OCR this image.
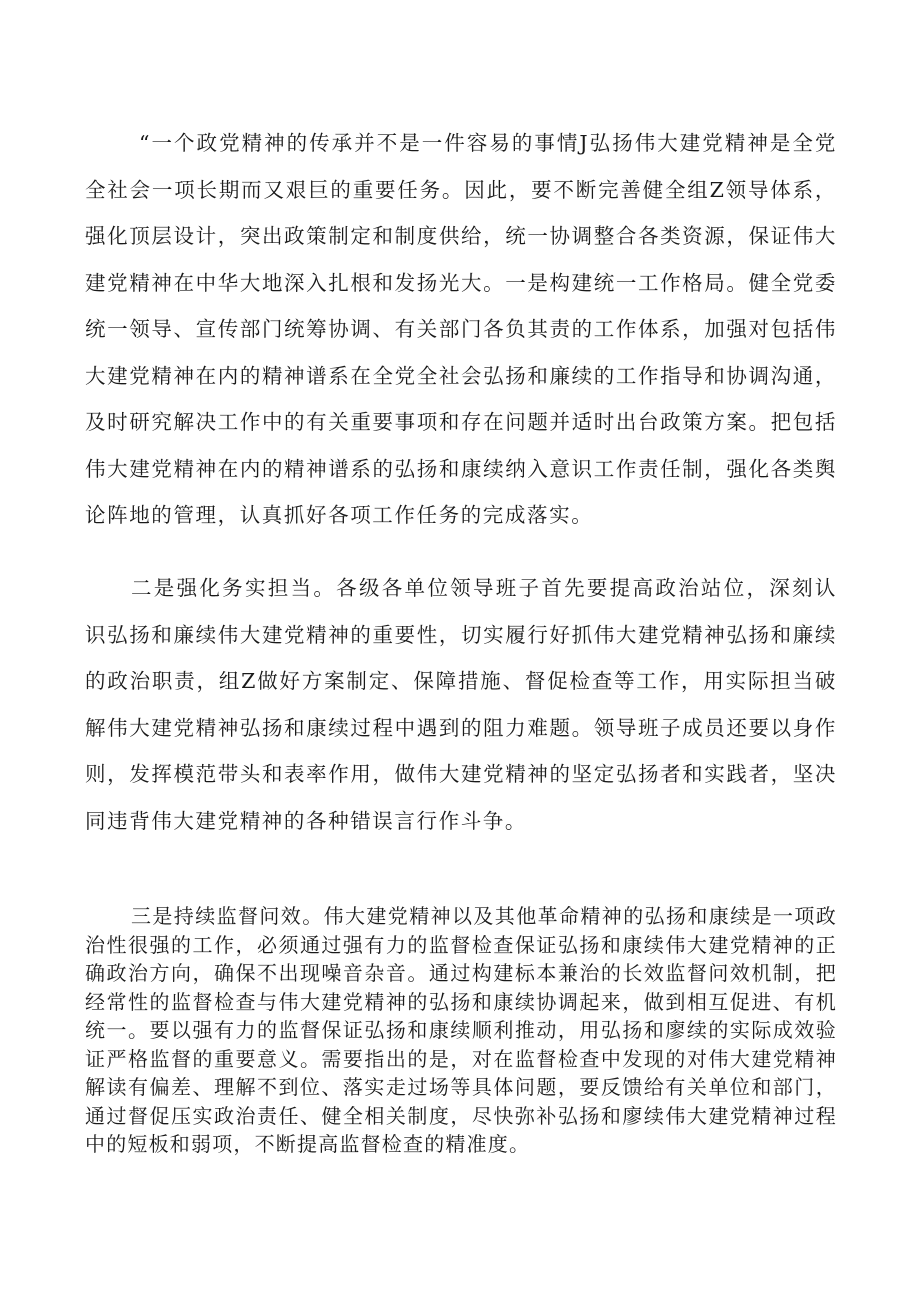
“一个政党精神的传承并不是一件容易的事情J弘扬伟大建党精神是全党全社会一项长期而又艰巨的重要任务。因此，要不断完善健全组Z领导体系，强化顶层设计，突出政策制定和制度供给，统一协调整合各类资源，保证伟大建党精神在中华大地深入扎根和发扬光大。一是构建统一工作格局。健全党委统一领导、宣传部门统筹协调、有关部门各负其责的工作体系，加强对包括伟大建党精神在内的精神谱系在全党全社会弘扬和廉续的工作指导和协调沟通，及时研究解决工作中的有关重要事项和存在问题并适时出台政策方案。把包括伟大建党精神在内的精神谱系的弘扬和康续纳入意识工作责任制，强化各类舆论阵地的管理，认真抓好各项工作任务的完成落实。

二是强化务实担当。各级各单位领导班子首先要提高政治站位，深刻认识弘扬和廉续伟大建党精神的重要性，切实履行好抓伟大建党精神弘扬和廉续的政治职责，组Z做好方案制定、保障措施、督促检查等工作，用实际担当破解伟大建党精神弘扬和康续过程中遇到的阻力难题。领导班子成员还要以身作则，发挥模范带头和表率作用，做伟大建党精神的坚定弘扬者和实践者，坚决同违背伟大建党精神的各种错误言行作斗争。

三是持续监督问效。伟大建党精神以及其他革命精神的弘扬和康续是一项政治性很强的工作，必须通过强有力的监督检查保证弘扬和康续伟大建党精神的正确政治方向，确保不出现噪音杂音。通过构建标本兼治的长效监督问效机制，把经常性的监督检查与伟大建党精神的弘扬和康续协调起来，做到相互促进、有机统一。要以强有力的监督保证弘扬和康续顺利推动，用弘扬和廖续的实际成效验证严格监督的重要意义。需要指出的是，对在监督检查中发现的对伟大建党精神解读有偏差、理解不到位、落实走过场等具体问题，要反馈给有关单位和部门，通过督促压实政治责任、健全相关制度，尽快弥补弘扬和廖续伟大建党精神过程中的短板和弱项，不断提高监督检查的精准度。
